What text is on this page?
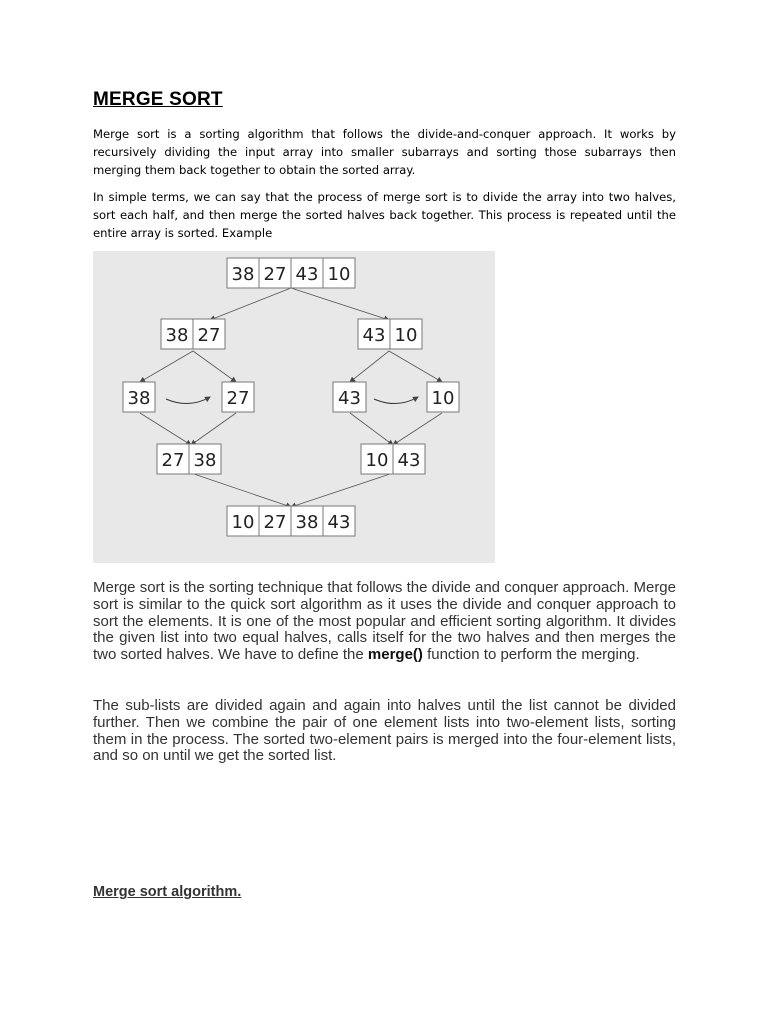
MERGE SORT

Merge sort is a sorting algorithm that follows the divide-and-conquer approach. It works by recursively dividing the input array into smaller subarrays and sorting those subarrays then merging them back together to obtain the sorted array.

In simple terms, we can say that the process of merge sort is to divide the array into two halves, sort each half, and then merge the sorted halves back together. This process is repeated until the entire array is sorted. Example

38 27 43 10
38 27	43 10
38	27	43	10
27 38	10 43
10 27 38 43

Merge sort is the sorting technique that follows the divide and conquer approach. Merge sort is similar to the quick sort algorithm as it uses the divide and conquer approach to sort the elements. It is one of the most popular and efficient sorting algorithm. It divides the given list into two equal halves, calls itself for the two halves and then merges the two sorted halves. We have to define the merge() function to perform the merging.

The sub-lists are divided again and again into halves until the list cannot be divided further. Then we combine the pair of one element lists into two-element lists, sorting them in the process. The sorted two-element pairs is merged into the four-element lists, and so on until we get the sorted list.

Merge sort algorithm.
